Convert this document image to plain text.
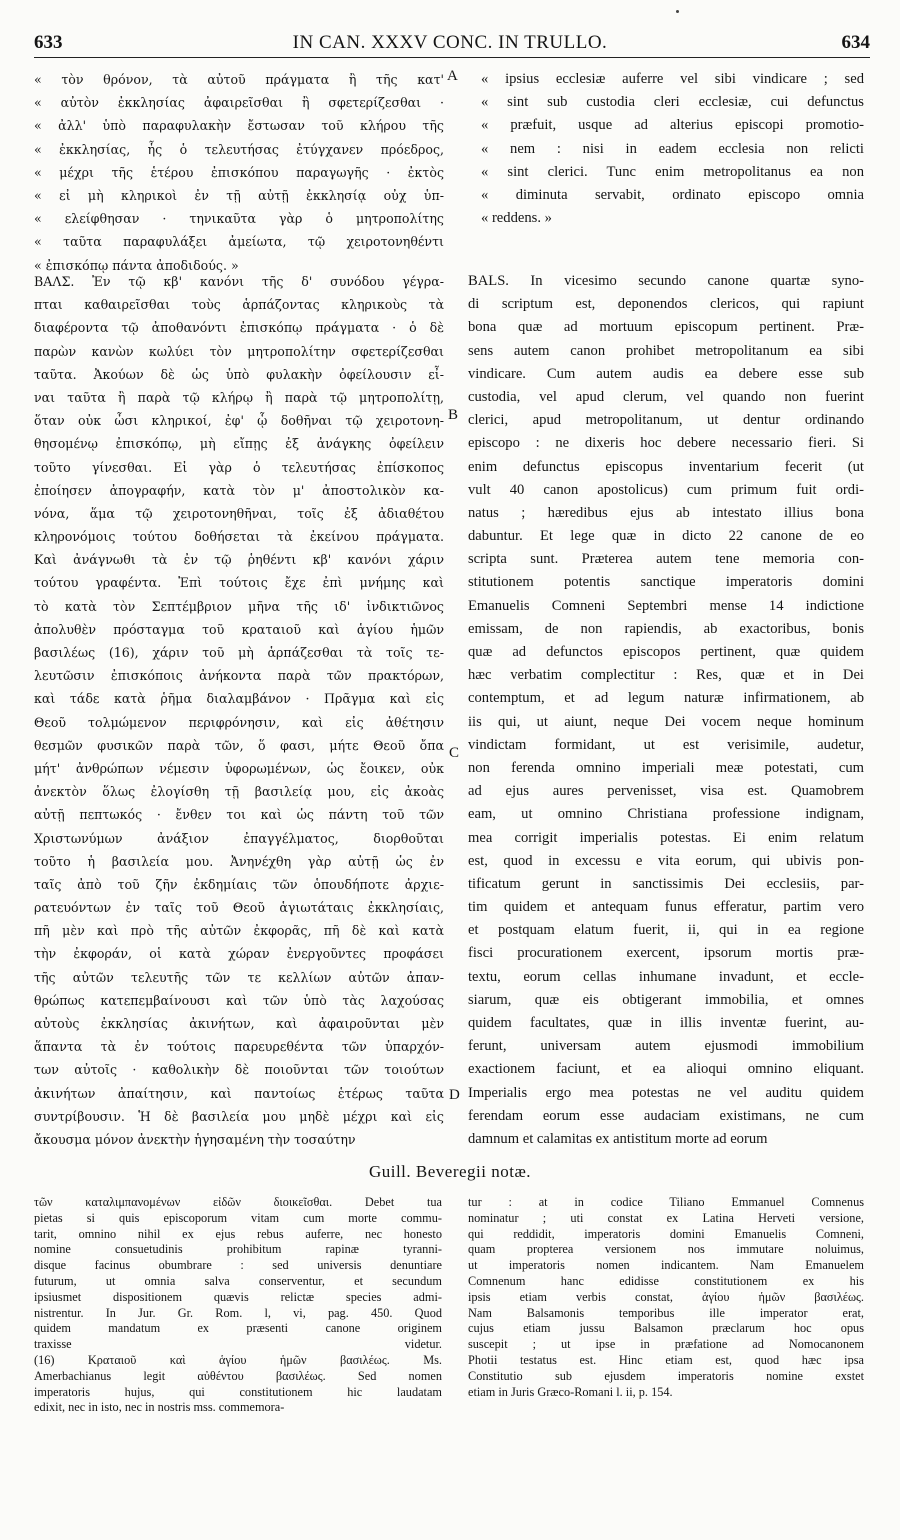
633	IN CAN. XXXV CONC. IN TRULLO.	634
« τὸν θρόνον, τὰ αὐτοῦ πράγματα ἢ τῆς κατ'
« αὐτὸν ἐκκλησίας ἀφαιρεῖσθαι ἢ σφετερίζεσθαι ·
« ἀλλ' ὑπὸ παραφυλακὴν ἔστωσαν τοῦ κλήρου τῆς
« ἐκκλησίας, ἧς ὁ τελευτήσας ἐτύγχανεν πρόεδρος,
« μέχρι τῆς ἑτέρου ἐπισκόπου παραγωγῆς · ἐκτὸς
« εἰ μὴ κληρικοὶ ἐν τῇ αὐτῇ ἐκκλησίᾳ οὐχ ὑπ-
« ελείφθησαν · τηνικαῦτα γὰρ ὁ μητροπολίτης
« ταῦτα παραφυλάξει ἀμείωτα, τῷ χειροτονηθέντι
« ἐπισκόπῳ πάντα ἀποδιδούς. »
« ipsius ecclesiæ auferre vel sibi vindicare ; sed
« sint sub custodia cleri ecclesiæ, cui defunctus
« præfuit, usque ad alterius episcopi promotio-
« nem : nisi in eadem ecclesia non relicti
« sint clerici. Tunc enim metropolitanus ea non
« diminuta servabit, ordinato episcopo omnia
« reddens. »
ΒΑΛΣ. Ἐν τῷ κβ' κανόνι τῆς δ' συνόδου γέγρα-
πται καθαιρεῖσθαι τοὺς ἁρπάζοντας κληρικοὺς τὰ
διαφέροντα τῷ ἀποθανόντι ἐπισκόπῳ πράγματα · ὁ δὲ
παρὼν κανὼν κωλύει τὸν μητροπολίτην σφετερίζεσθαι
ταῦτα. Ἀκούων δὲ ὡς ὑπὸ φυλακὴν ὀφείλουσιν εἶ-
ναι ταῦτα ἢ παρὰ τῷ κλήρῳ ἢ παρὰ τῷ μητροπολίτῃ,
ὅταν οὐκ ὦσι κληρικοί, ἐφ' ᾧ δοθῆναι τῷ χειροτονη-
θησομένῳ ἐπισκόπῳ, μὴ εἴπῃς ἐξ ἀνάγκης ὀφείλειν
τοῦτο γίνεσθαι. Εἰ γὰρ ὁ τελευτήσας ἐπίσκοπος
ἐποίησεν ἀπογραφήν, κατὰ τὸν μ' ἀποστολικὸν κα-
νόνα, ἅμα τῷ χειροτονηθῆναι, τοῖς ἐξ ἀδιαθέτου
κληρονόμοις τούτου δοθήσεται τὰ ἐκείνου πράγματα.
Καὶ ἀνάγνωθι τὰ ἐν τῷ ῥηθέντι κβ' κανόνι χάριν
τούτου γραφέντα. Ἐπὶ τούτοις ἔχε ἐπὶ μνήμης καὶ
τὸ κατὰ τὸν Σεπτέμβριον μῆνα τῆς ιδ' ἰνδικτιῶνος
ἀπολυθὲν πρόσταγμα τοῦ κραταιοῦ καὶ ἁγίου ἡμῶν
βασιλέως (16), χάριν τοῦ μὴ ἁρπάζεσθαι τὰ τοῖς τε-
λευτῶσιν ἐπισκόποις ἀνήκοντα παρὰ τῶν πρακτόρων,
καὶ τάδε κατὰ ῥῆμα διαλαμβάνον · Πρᾶγμα καὶ εἰς
Θεοῦ τολμώμενον περιφρόνησιν, καὶ εἰς ἀθέτησιν
θεσμῶν φυσικῶν παρὰ τῶν, ὅ φασι, μήτε Θεοῦ ὄπα
μήτ' ἀνθρώπων νέμεσιν ὑφορωμένων, ὡς ἔοικεν, οὐκ
ἀνεκτὸν ὅλως ἐλογίσθη τῇ βασιλείᾳ μου, εἰς ἀκοὰς
αὐτῇ πεπτωκός · ἔνθεν τοι καὶ ὡς πάντη τοῦ τῶν
Χριστωνύμων ἀνάξιον ἐπαγγέλματος, διορθοῦται
τοῦτο ἡ βασιλεία μου. Ἀνηνέχθη γὰρ αὐτῇ ὡς ἐν
ταῖς ἀπὸ τοῦ ζῆν ἐκδημίαις τῶν ὁπουδήποτε ἀρχιε-
ρατευόντων ἐν ταῖς τοῦ Θεοῦ ἁγιωτάταις ἐκκλησίαις,
πῆ μὲν καὶ πρὸ τῆς αὐτῶν ἐκφορᾶς, πῆ δὲ καὶ κατὰ
τὴν ἐκφοράν, οἱ κατὰ χώραν ἐνεργοῦντες προφάσει
τῆς αὐτῶν τελευτῆς τῶν τε κελλίων αὐτῶν ἀπαν-
θρώπως κατεπεμβαίνουσι καὶ τῶν ὑπὸ τὰς λαχούσας
αὐτοὺς ἐκκλησίας ἀκινήτων, καὶ ἀφαιροῦνται μὲν
ἅπαντα τὰ ἐν τούτοις παρευρεθέντα τῶν ὑπαρχόν-
των αὐτοῖς · καθολικὴν δὲ ποιοῦνται τῶν τοιούτων
ἀκινήτων ἀπαίτησιν, καὶ παντοίως ἑτέρως ταῦτα
συντρίβουσιν. Ἡ δὲ βασιλεία μου μηδὲ μέχρι καὶ εἰς
ἄκουσμα μόνον ἀνεκτὴν ἡγησαμένη τὴν τοσαύτην
BALS. In vicesimo secundo canone quartæ syno-
di scriptum est, deponendos clericos, qui rapiunt
bona quæ ad mortuum episcopum pertinent. Præ-
sens autem canon prohibet metropolitanum ea sibi
vindicare. Cum autem audis ea debere esse sub
custodia, vel apud clerum, vel quando non fuerint
clerici, apud metropolitanum, ut dentur ordinando
episcopo : ne dixeris hoc debere necessario fieri. Si
enim defunctus episcopus inventarium fecerit (ut
vult 40 canon apostolicus) cum primum fuit ordi-
natus ; hæredibus ejus ab intestato illius bona
dabuntur. Et lege quæ in dicto 22 canone de eo
scripta sunt. Præterea autem tene memoria con-
stitutionem potentis sanctique imperatoris domini
Emanuelis Comneni Septembri mense 14 indictione
emissam, de non rapiendis, ab exactoribus, bonis
quæ ad defunctos episcopos pertinent, quæ quidem
hæc verbatim complectitur : Res, quæ et in Dei
contemptum, et ad legum naturæ infirmationem, ab
iis qui, ut aiunt, neque Dei vocem neque hominum
vindictam formidant, ut est verisimile, audetur,
non ferenda omnino imperiali meæ potestati, cum
ad ejus aures pervenisset, visa est. Quamobrem
eam, ut omnino Christiana professione indignam,
mea corrigit imperialis potestas. Ei enim relatum
est, quod in excessu e vita eorum, qui ubivis pon-
tificatum gerunt in sanctissimis Dei ecclesiis, par-
tim quidem et antequam funus efferatur, partim vero
et postquam elatum fuerit, ii, qui in ea regione
fisci procurationem exercent, ipsorum mortis præ-
textu, eorum cellas inhumane invadunt, et eccle-
siarum, quæ eis obtigerant immobilia, et omnes
quidem facultates, quæ in illis inventæ fuerint, au-
ferunt, universam autem ejusmodi immobilium
exactionem faciunt, et ea alioqui omnino eliquant.
Imperialis ergo mea potestas ne vel auditu quidem
ferendam eorum esse audaciam existimans, ne cum
damnum et calamitas ex antistitum morte ad eorum
A
B
C
D
Guill. Beveregii notæ.
τῶν καταλιμπανομένων εἰδῶν διοικεῖσθαι. Debet tua
pietas si quis episcoporum vitam cum morte commu-
tarit, omnino nihil ex ejus rebus auferre, nec honesto
nomine consuetudinis prohibitum rapinæ tyranni-
disque facinus obumbrare : sed universis denuntiare
futurum, ut omnia salva conserventur, et secundum
ipsiusmet dispositionem quævis relictæ species admi-
nistrentur. In Jur. Gr. Rom. l, vi, pag. 450. Quod
quidem mandatum ex præsenti canone originem
traxisse videtur.
(16) Κραταιοῦ καὶ ἁγίου ἡμῶν βασιλέως. Ms.
Amerbachianus legit αὐθέντου βασιλέως. Sed nomen
imperatoris hujus, qui constitutionem hic laudatam
edixit, nec in isto, nec in nostris mss. commemora-
tur : at in codice Tiliano Emmanuel Comnenus
nominatur ; uti constat ex Latina Herveti versione,
qui reddidit, imperatoris domini Emanuelis Comneni,
quam propterea versionem nos immutare noluimus,
ut imperatoris nomen indicantem. Nam Emanuelem
Comnenum hanc edidisse constitutionem ex his
ipsis etiam verbis constat, ἁγίου ἡμῶν βασιλέως.
Nam Balsamonis temporibus ille imperator erat,
cujus etiam jussu Balsamon præclarum hoc opus
suscepit ; ut ipse in præfatione ad Nomocanonem
Photii testatus est. Hinc etiam est, quod hæc ipsa
Constitutio sub ejusdem imperatoris nomine exstet
etiam in Juris Græco-Romani l. ii, p. 154.
